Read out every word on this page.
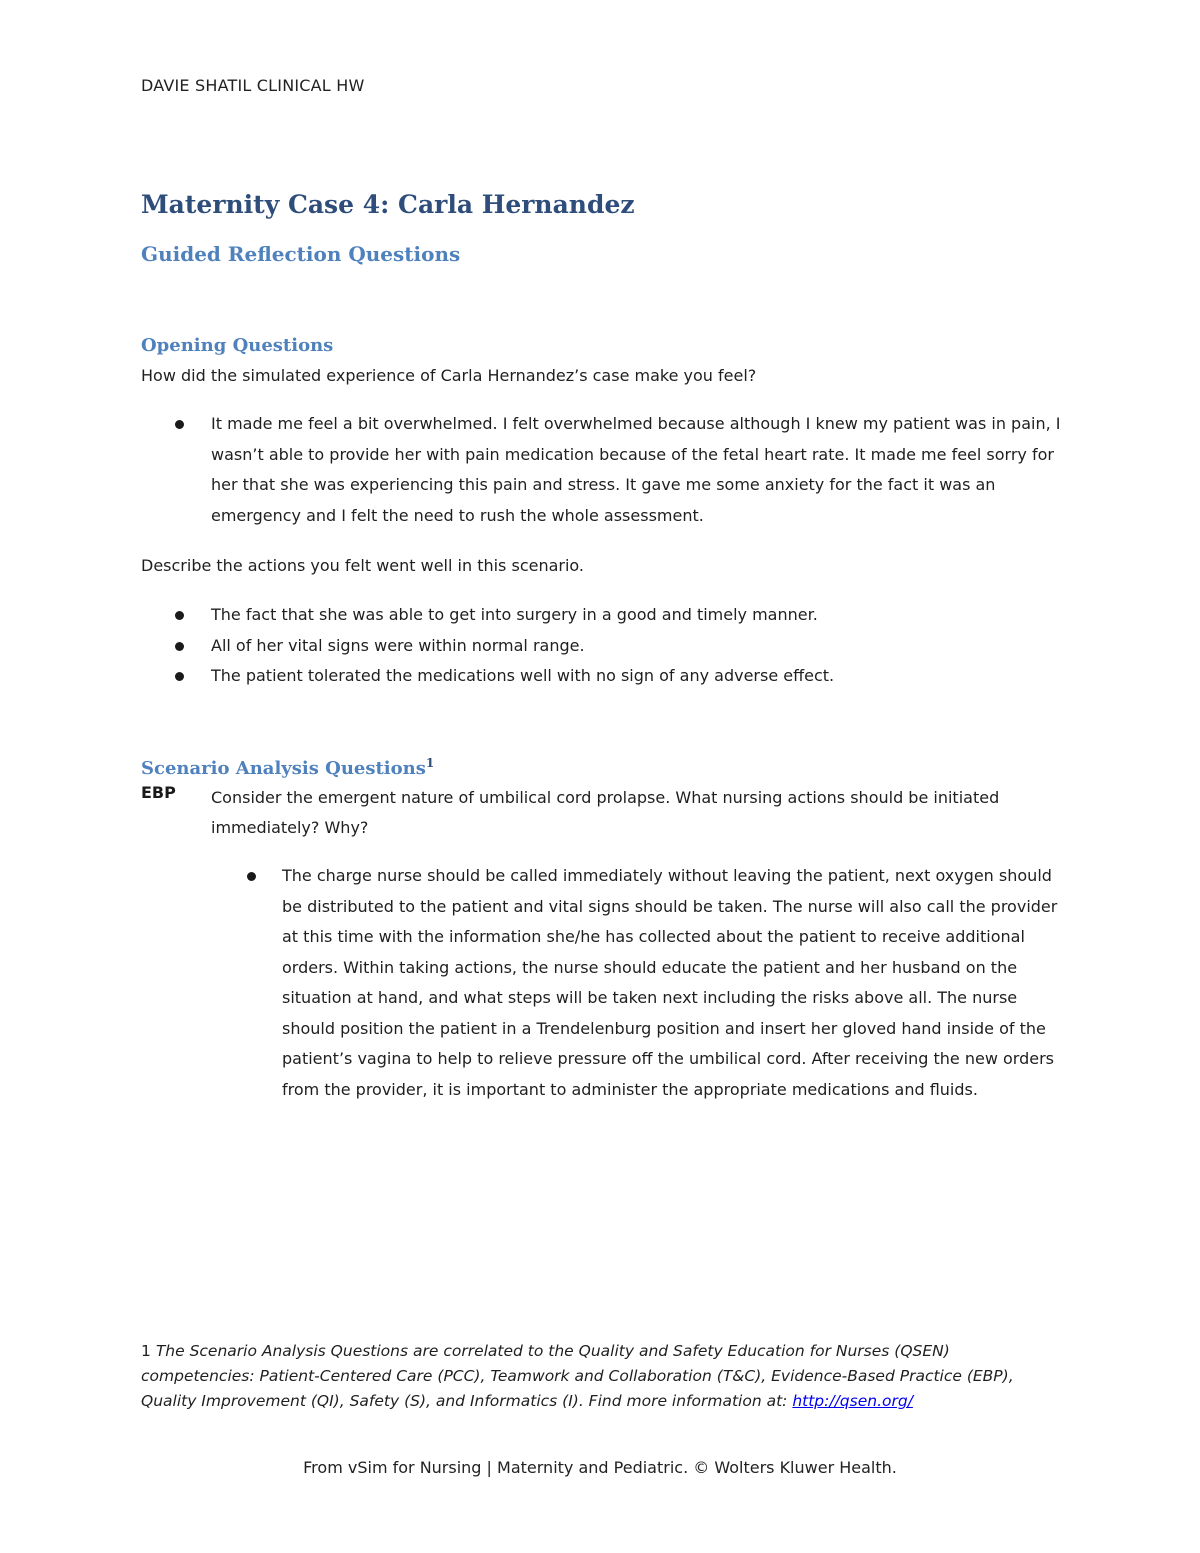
DAVIE SHATIL CLINICAL HW
Maternity Case 4: Carla Hernandez
Guided Reflection Questions
Opening Questions
How did the simulated experience of Carla Hernandez’s case make you feel?
It made me feel a bit overwhelmed. I felt overwhelmed because although I knew my patient was in pain, I wasn’t able to provide her with pain medication because of the fetal heart rate. It made me feel sorry for her that she was experiencing this pain and stress. It gave me some anxiety for the fact it was an emergency and I felt the need to rush the whole assessment.
Describe the actions you felt went well in this scenario.
The fact that she was able to get into surgery in a good and timely manner.
All of her vital signs were within normal range.
The patient tolerated the medications well with no sign of any adverse effect.
Scenario Analysis Questions$^1$
EBP Consider the emergent nature of umbilical cord prolapse. What nursing actions should be initiated immediately? Why?
The charge nurse should be called immediately without leaving the patient, next oxygen should be distributed to the patient and vital signs should be taken. The nurse will also call the provider at this time with the information she/he has collected about the patient to receive additional orders. Within taking actions, the nurse should educate the patient and her husband on the situation at hand, and what steps will be taken next including the risks above all. The nurse should position the patient in a Trendelenburg position and insert her gloved hand inside of the patient’s vagina to help to relieve pressure off the umbilical cord. After receiving the new orders from the provider, it is important to administer the appropriate medications and fluids.
1 The Scenario Analysis Questions are correlated to the Quality and Safety Education for Nurses (QSEN) competencies: Patient-Centered Care (PCC), Teamwork and Collaboration (T&C), Evidence-Based Practice (EBP), Quality Improvement (QI), Safety (S), and Informatics (I). Find more information at: http://qsen.org/
From vSim for Nursing | Maternity and Pediatric. © Wolters Kluwer Health.
